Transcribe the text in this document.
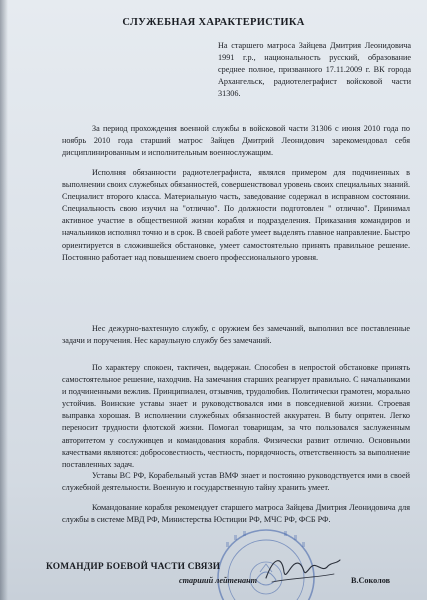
СЛУЖЕБНАЯ ХАРАКТЕРИСТИКА

На старшего матроса Зайцева Дмитрия Леонидовича 1991 г.р., национальность русский, образование среднее полное, призванного 17.11.2009 г. ВК города Архангельск, радиотелеграфист войсковой части 31306.

За период прохождения военной службы в войсковой части 31306 с июня 2010 года по ноябрь 2010 года старший матрос Зайцев Дмитрий Леонидович зарекомендовал себя дисциплинированным и исполнительным военнослужащим.

Исполняя обязанности радиотелеграфиста, являлся примером для подчиненных в выполнении своих служебных обязанностей, совершенствовал уровень своих специальных знаний. Специалист второго класса. Материальную часть, заведование содержал в исправном состоянии. Специальность свою изучил на "отлично". По должности подготовлен " отлично". Принимал активное участие в общественной жизни корабля и подразделения. Приказания командиров и начальников исполнял точно и в срок. В своей работе умеет выделять главное направление. Быстро ориентируется в сложившейся обстановке, умеет самостоятельно принять правильное решение. Постоянно работает над повышением своего профессионального уровня.

Нес дежурно-вахтенную службу, с оружием без замечаний, выполнил все поставленные задачи и поручения. Нес караульную службу без замечаний.

По характеру спокоен, тактичен, выдержан. Способен в непростой обстановке принять самостоятельное решение, находчив. На замечания старших реагирует правильно. С начальниками и подчиненными вежлив. Принципиален, отзывчив, трудолюбив. Политически грамотен, морально устойчив. Воинские уставы знает и руководствовался ими в повседневной жизни. Строевая выправка хорошая. В исполнении служебных обязанностей аккуратен. В быту опрятен. Легко переносит трудности флотской жизни. Помогал товарищам, за что пользовался заслуженным авторитетом у сослуживцев и командования корабля. Физически развит отлично. Основными качествами являются: добросовестность, честность, порядочность, ответственность за выполнение поставленных задач.

Уставы ВС РФ, Корабельный устав ВМФ знает и постоянно руководствуется ими в своей служебной деятельности. Военную и государственную тайну хранить умеет.

Командование корабля рекомендует старшего матроса Зайцева Дмитрия Леонидовича для службы в системе МВД РФ, Министерства Юстиции РФ, МЧС РФ, ФСБ РФ.

КОМАНДИР БОЕВОЙ ЧАСТИ СВЯЗИ
старший лейтенант	В.Соколов
